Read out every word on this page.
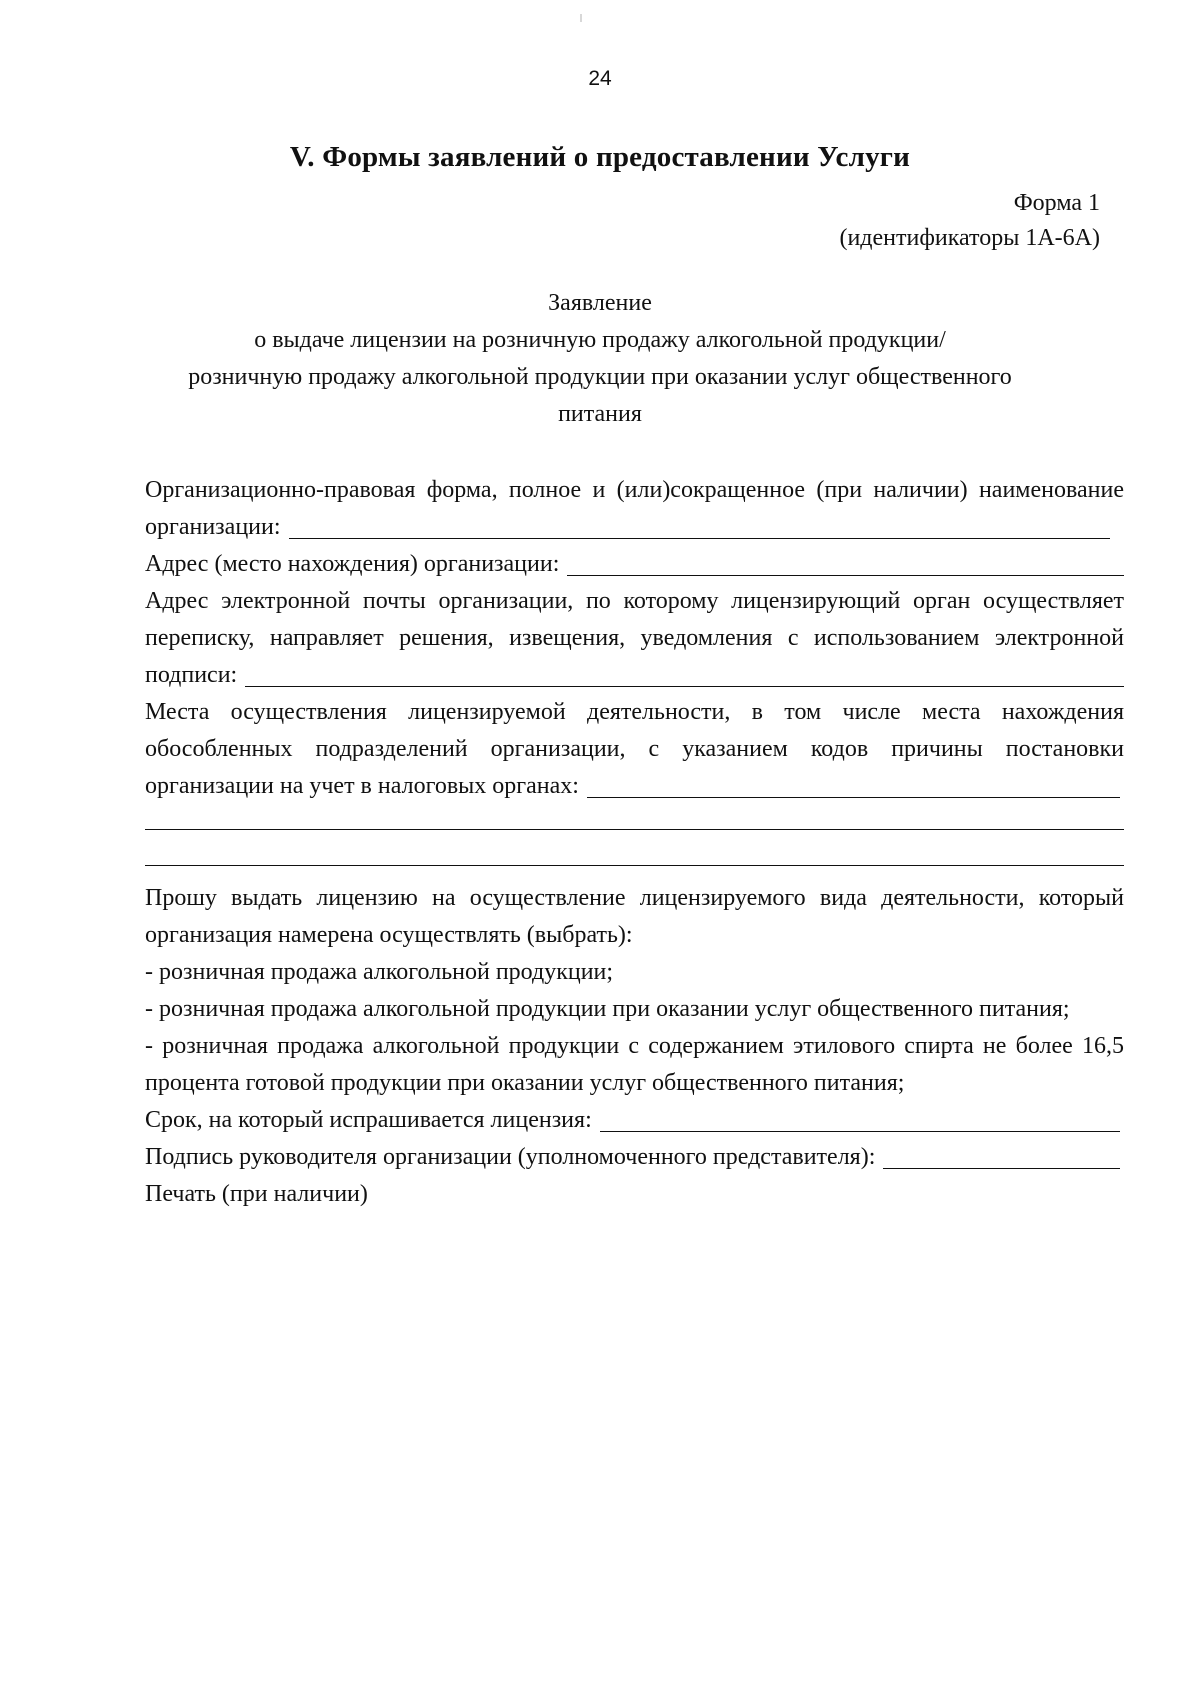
24
V. Формы заявлений о предоставлении Услуги
Форма 1
(идентификаторы 1А-6А)
Заявление
о выдаче лицензии на розничную продажу алкогольной продукции/
розничную продажу алкогольной продукции при оказании услуг общественного
питания
Организационно-правовая форма, полное и (или)сокращенное (при наличии) наименование
организации:
Адрес (место нахождения) организации:
Адрес электронной почты организации, по которому лицензирующий орган осуществляет
переписку, направляет решения, извещения, уведомления с использованием электронной
подписи:
Места осуществления лицензируемой деятельности, в том числе места нахождения
обособленных подразделений организации, с указанием кодов причины постановки
организации на учет в налоговых органах:
Прошу выдать лицензию на осуществление лицензируемого вида деятельности, который
организация намерена осуществлять (выбрать):
- розничная продажа алкогольной продукции;
- розничная продажа алкогольной продукции при оказании услуг общественного питания;
- розничная продажа алкогольной продукции с содержанием этилового спирта не более 16,5
процента готовой продукции при оказании услуг общественного питания;
Срок, на который испрашивается лицензия:
Подпись руководителя организации (уполномоченного представителя):
Печать (при наличии)
